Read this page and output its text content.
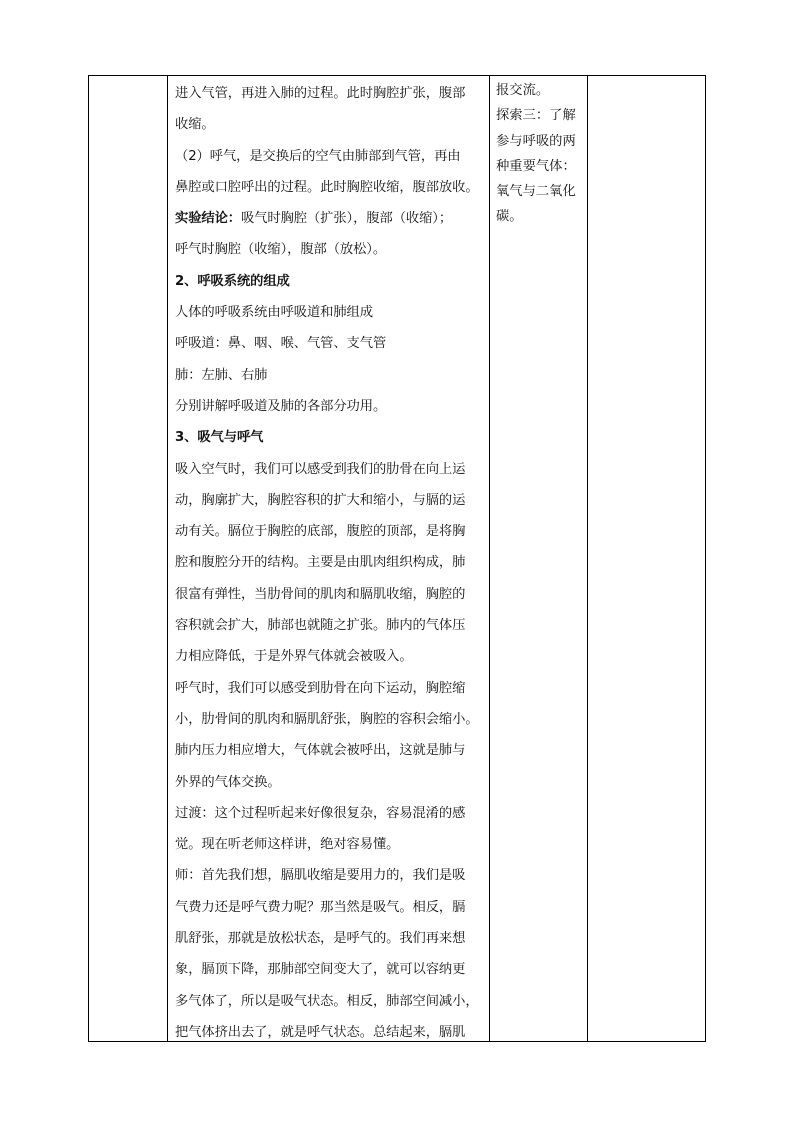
进入气管，再进入肺的过程。此时胸腔扩张，腹部
收缩。
（2）呼气，是交换后的空气由肺部到气管，再由
鼻腔或口腔呼出的过程。此时胸腔收缩，腹部放收。
实验结论：吸气时胸腔（扩张），腹部（收缩）；
呼气时胸腔（收缩），腹部（放松）。
2、呼吸系统的组成
人体的呼吸系统由呼吸道和肺组成
呼吸道：鼻、咽、喉、气管、支气管
肺：左肺、右肺
分别讲解呼吸道及肺的各部分功用。
3、吸气与呼气
吸入空气时，我们可以感受到我们的肋骨在向上运
动，胸廓扩大，胸腔容积的扩大和缩小，与膈的运
动有关。膈位于胸腔的底部，腹腔的顶部，是将胸
腔和腹腔分开的结构。主要是由肌肉组织构成，肺
很富有弹性，当肋骨间的肌肉和膈肌收缩，胸腔的
容积就会扩大，肺部也就随之扩张。肺内的气体压
力相应降低，于是外界气体就会被吸入。
呼气时，我们可以感受到肋骨在向下运动，胸腔缩
小，肋骨间的肌肉和膈肌舒张，胸腔的容积会缩小。
肺内压力相应增大，气体就会被呼出，这就是肺与
外界的气体交换。
过渡：这个过程听起来好像很复杂，容易混淆的感
觉。现在听老师这样讲，绝对容易懂。
师：首先我们想，膈肌收缩是要用力的，我们是吸
气费力还是呼气费力呢？那当然是吸气。相反，膈
肌舒张，那就是放松状态，是呼气的。我们再来想
象，膈顶下降，那肺部空间变大了，就可以容纳更
多气体了，所以是吸气状态。相反，肺部空间减小，
把气体挤出去了，就是呼气状态。总结起来，膈肌
报交流。
探索三：了解
参与呼吸的两
种重要气体：
氧气与二氧化
碳。
